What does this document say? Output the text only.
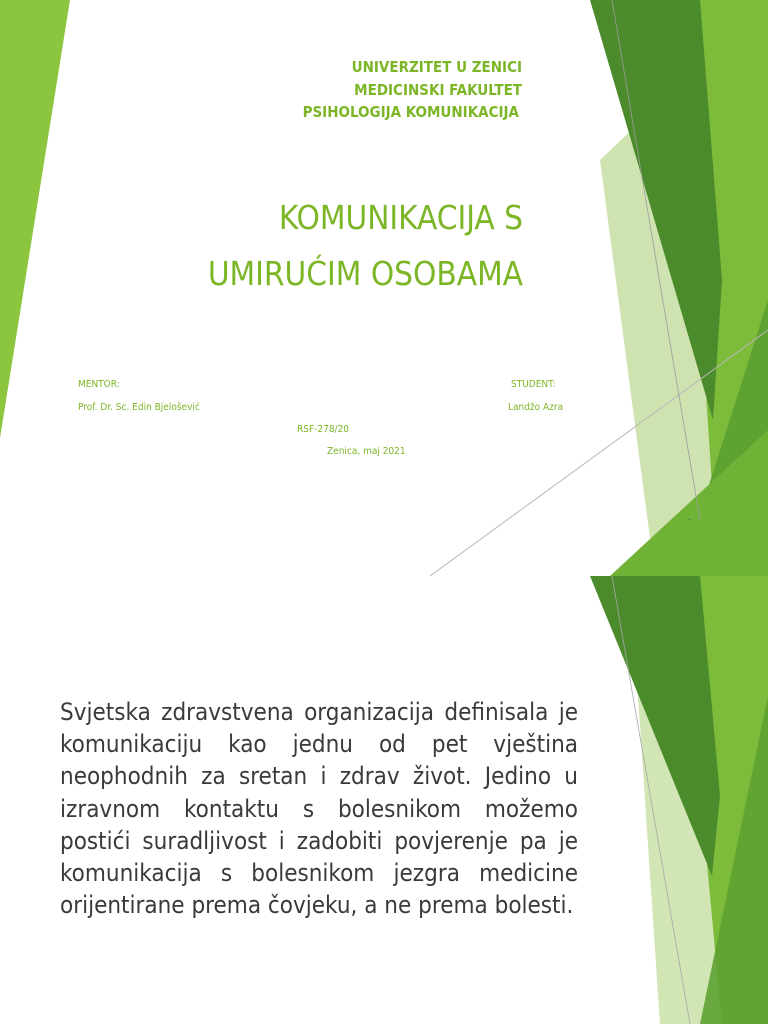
UNIVERZITET U ZENICI

MEDICINSKI FAKULTET

PSIHOLOGIJA KOMUNIKACIJA

KOMUNIKACIJA S

UMIRUĆIM OSOBAMA

MENTOR:

Prof. Dr. Sc. Edin Bjelošević

STUDENT:

Landžo Azra

RSF-278/20

Zenica, maj 2021

.

Svjetska zdravstvena organizacija definisala je komunikaciju kao jednu od pet vještina neophodnih za sretan i zdrav život. Jedino u izravnom kontaktu s bolesnikom možemo postići suradljivost i zadobiti povjerenje pa je komunikacija s bolesnikom jezgra medicine orijentirane prema čovjeku, a ne prema bolesti.
